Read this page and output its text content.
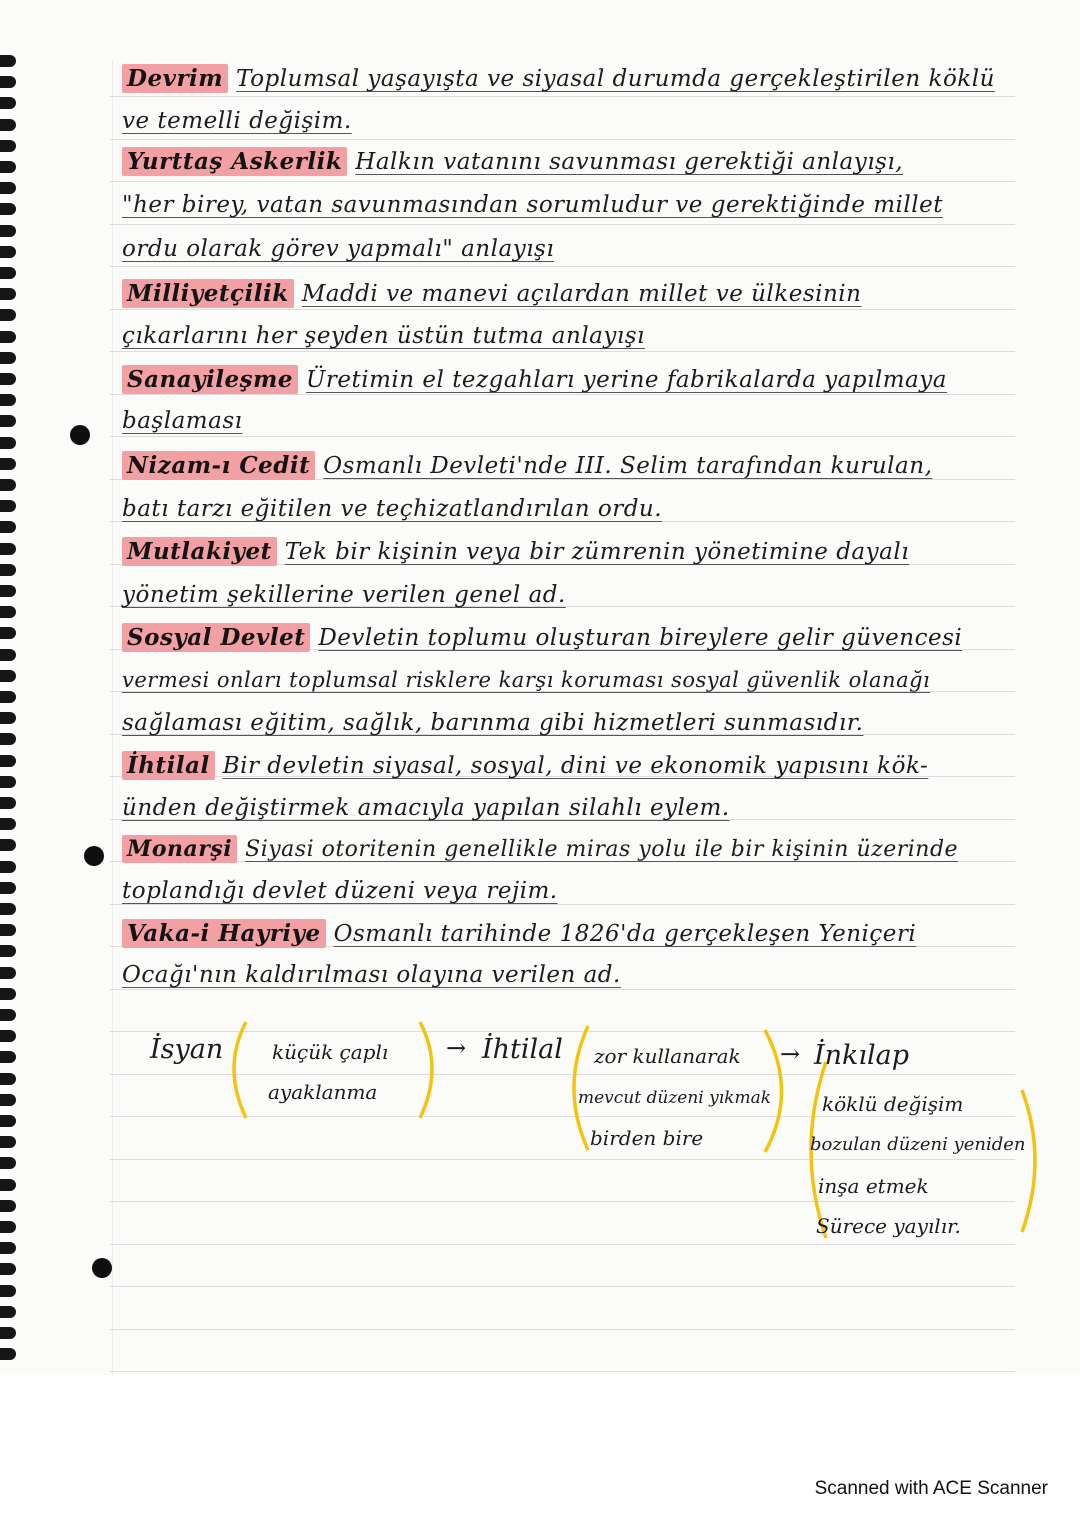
Devrim Toplumsal yaşayışta ve siyasal durumda gerçekleştirilen köklü
ve temelli değişim.
Yurttaş Askerlik Halkın vatanını savunması gerektiği anlayışı,
"her birey, vatan savunmasından sorumludur ve gerektiğinde millet
ordu olarak görev yapmalı" anlayışı
Milliyetçilik Maddi ve manevi açılardan millet ve ülkesinin
çıkarlarını her şeyden üstün tutma anlayışı
Sanayileşme Üretimin el tezgahları yerine fabrikalarda yapılmaya
başlaması
Nizam-ı Cedit Osmanlı Devleti'nde III. Selim tarafından kurulan,
batı tarzı eğitilen ve teçhizatlandırılan ordu.
Mutlakiyet Tek bir kişinin veya bir zümrenin yönetimine dayalı
yönetim şekillerine verilen genel ad.
Sosyal Devlet Devletin toplumu oluşturan bireylere gelir güvencesi
vermesi onları toplumsal risklere karşı koruması sosyal güvenlik olanağı
sağlaması eğitim, sağlık, barınma gibi hizmetleri sunmasıdır.
İhtilal Bir devletin siyasal, sosyal, dini ve ekonomik yapısını kök-
ünden değiştirmek amacıyla yapılan silahlı eylem.
Monarşi Siyasi otoritenin genellikle miras yolu ile bir kişinin üzerinde
toplandığı devlet düzeni veya rejim.
Vaka-i Hayriye Osmanlı tarihinde 1826'da gerçekleşen Yeniçeri
Ocağı'nın kaldırılması olayına verilen ad.
İsyan küçük çaplı
ayaklanma
→ İhtilal zor kullanarak
mevcut düzeni yıkmak
birden bire
→ İnkılap
köklü değişim
bozulan düzeni yeniden
inşa etmek
Sürece yayılır.
Scanned with ACE Scanner
